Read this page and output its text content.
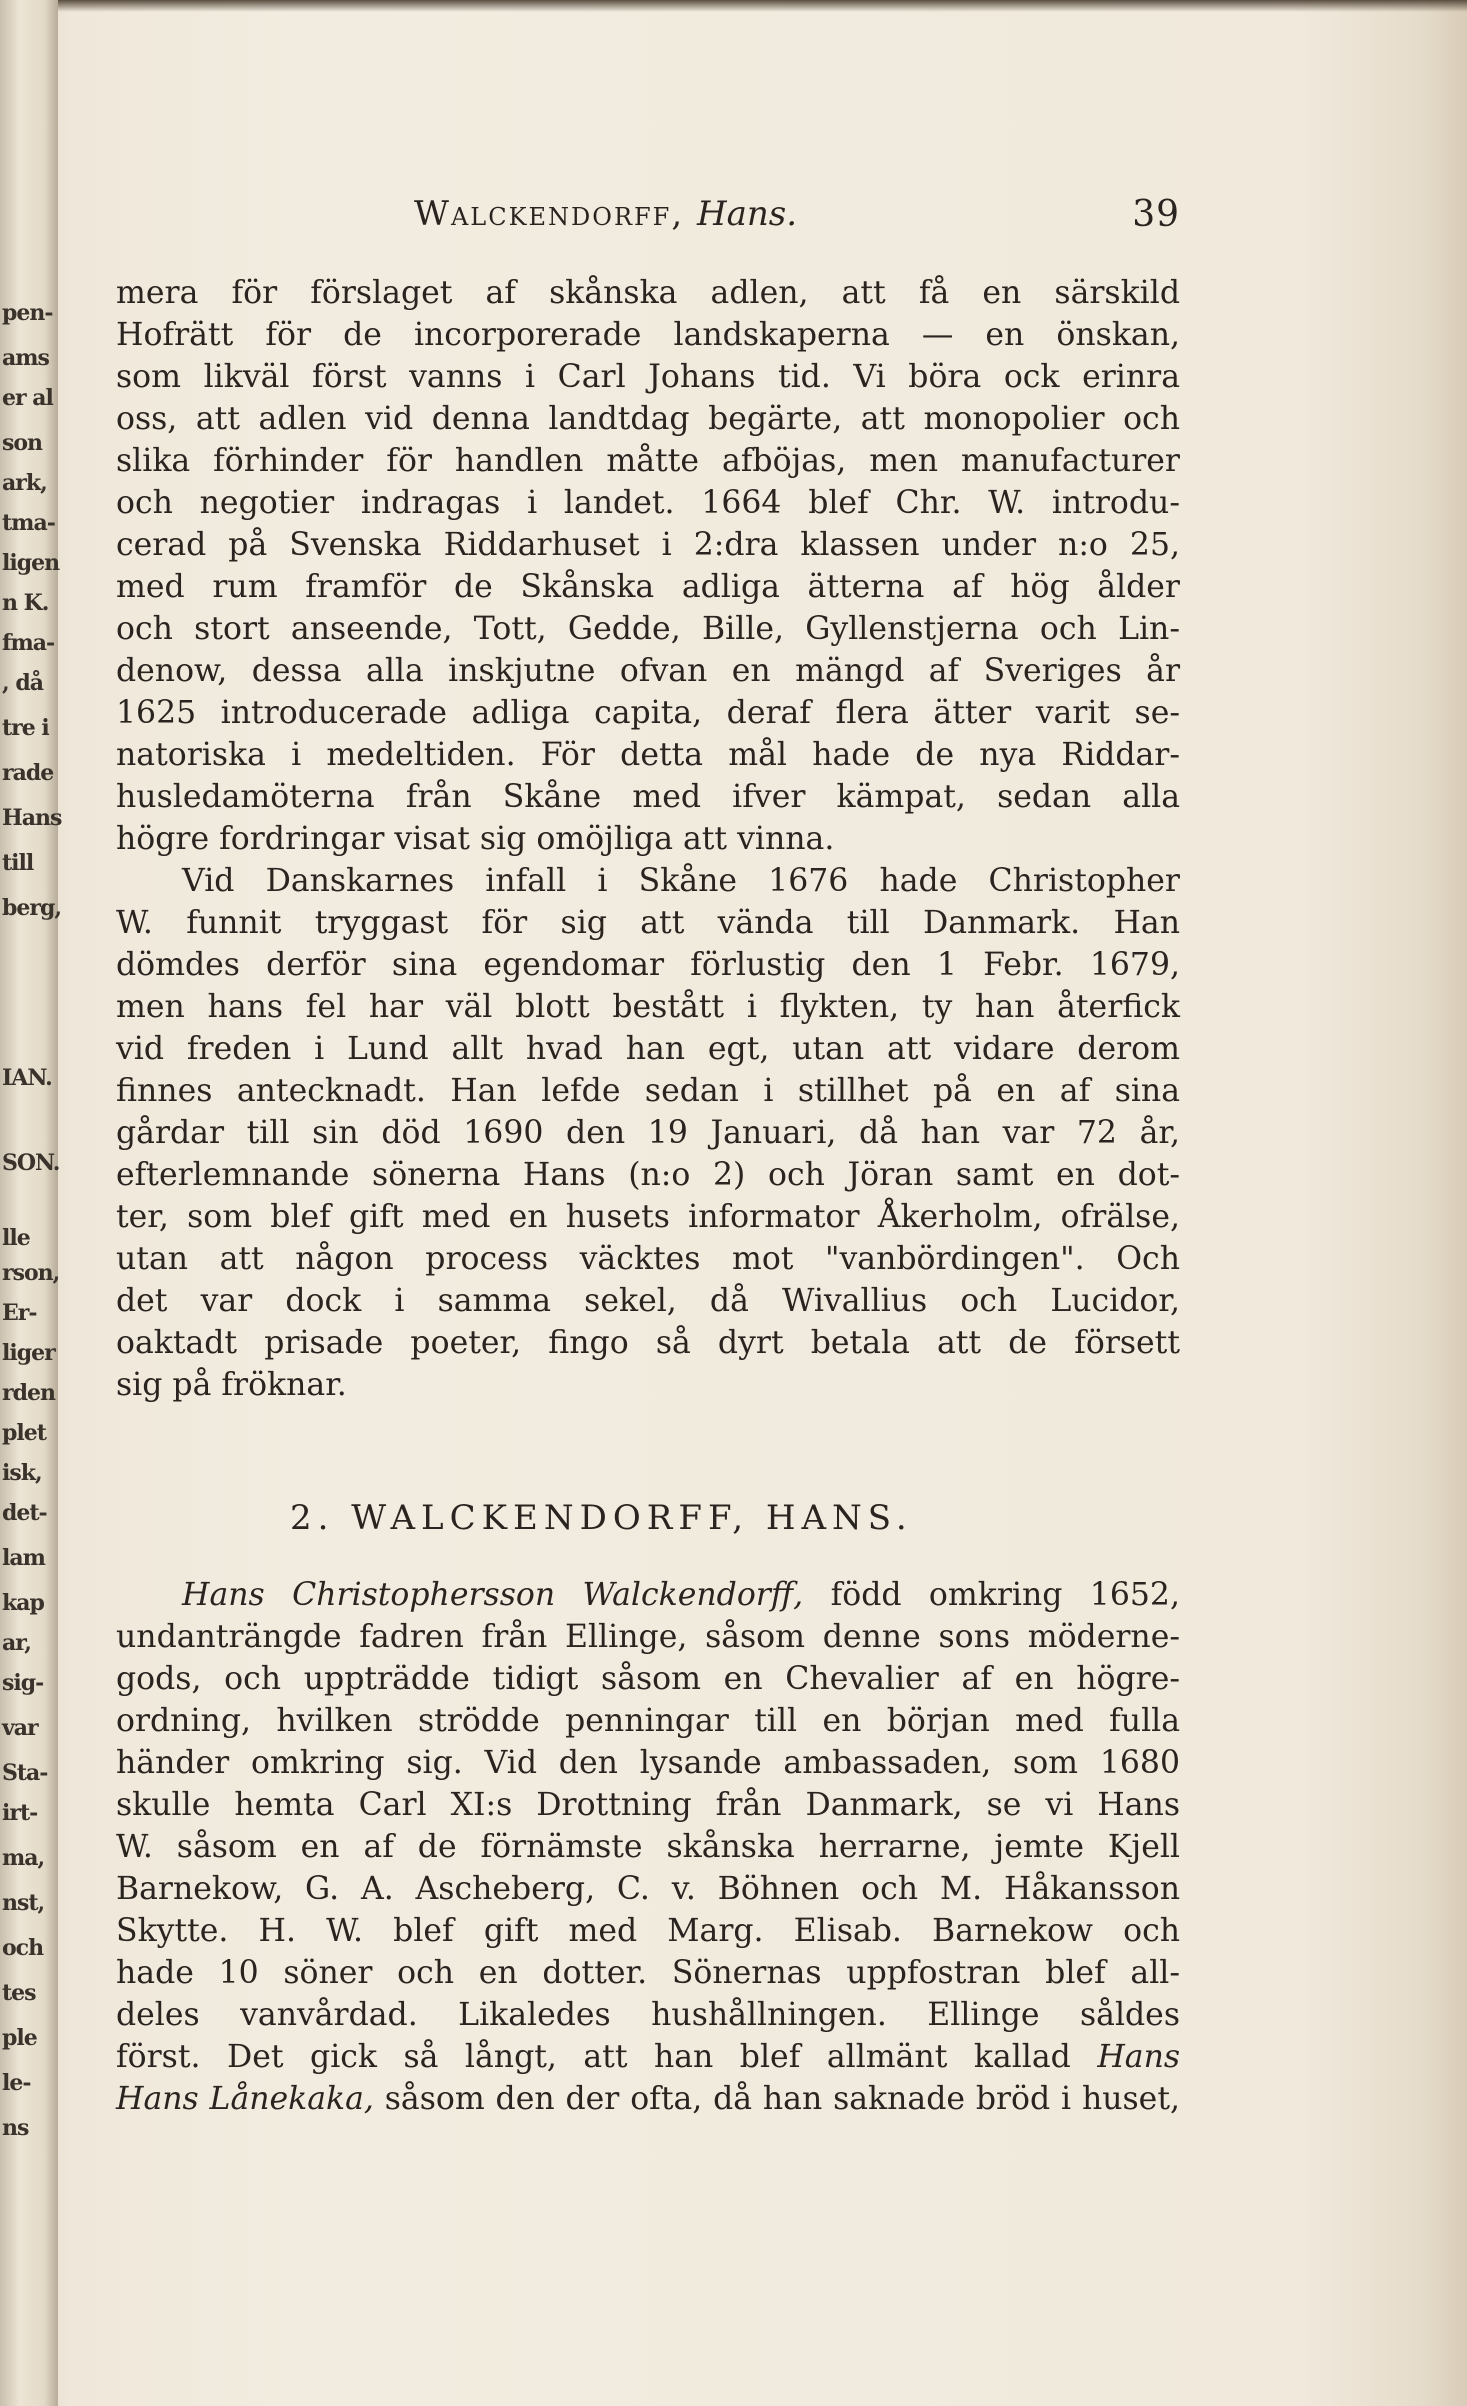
pen-
ams
er al
son
ark,
tma-
ligen
n K.
fma-
, då
tre i
rade
Hans
till
berg,
IAN.
SON.
lle
rson,
Er-
liger
rden
plet
isk,
det-
lam
kap
ar,
sig-
var
Sta-
irt-
ma,
nst,
och
tes
ple
le-
ns
Walckendorff, Hans.	39
mera för förslaget af skånska adlen, att få en särskild
Hofrätt för de incorporerade landskaperna — en önskan,
som likväl först vanns i Carl Johans tid. Vi böra ock erinra
oss, att adlen vid denna landtdag begärte, att monopolier och
slika förhinder för handlen måtte afböjas, men manufacturer
och negotier indragas i landet. 1664 blef Chr. W. introdu-
cerad på Svenska Riddarhuset i 2:dra klassen under n:o 25,
med rum framför de Skånska adliga ätterna af hög ålder
och stort anseende, Tott, Gedde, Bille, Gyllenstjerna och Lin-
denow, dessa alla inskjutne ofvan en mängd af Sveriges år
1625 introducerade adliga capita, deraf flera ätter varit se-
natoriska i medeltiden. För detta mål hade de nya Riddar-
husledamöterna från Skåne med ifver kämpat, sedan alla
högre fordringar visat sig omöjliga att vinna.
Vid Danskarnes infall i Skåne 1676 hade Christopher
W. funnit tryggast för sig att vända till Danmark. Han
dömdes derför sina egendomar förlustig den 1 Febr. 1679,
men hans fel har väl blott bestått i flykten, ty han återfick
vid freden i Lund allt hvad han egt, utan att vidare derom
finnes antecknadt. Han lefde sedan i stillhet på en af sina
gårdar till sin död 1690 den 19 Januari, då han var 72 år,
efterlemnande sönerna Hans (n:o 2) och Jöran samt en dot-
ter, som blef gift med en husets informator Åkerholm, ofrälse,
utan att någon process väcktes mot "vanbördingen". Och
det var dock i samma sekel, då Wivallius och Lucidor,
oaktadt prisade poeter, fingo så dyrt betala att de försett
sig på fröknar.
2. WALCKENDORFF, HANS.
Hans Christophersson Walckendorff, född omkring 1652,
undanträngde fadren från Ellinge, såsom denne sons möderne-
gods, och uppträdde tidigt såsom en Chevalier af en högre-
ordning, hvilken strödde penningar till en början med fulla
händer omkring sig. Vid den lysande ambassaden, som 1680
skulle hemta Carl XI:s Drottning från Danmark, se vi Hans
W. såsom en af de förnämste skånska herrarne, jemte Kjell
Barnekow, G. A. Ascheberg, C. v. Böhnen och M. Håkansson
Skytte. H. W. blef gift med Marg. Elisab. Barnekow och
hade 10 söner och en dotter. Sönernas uppfostran blef all-
deles vanvårdad. Likaledes hushållningen. Ellinge såldes
först. Det gick så långt, att han blef allmänt kallad Hans
Hans Lånekaka, såsom den der ofta, då han saknade bröd i huset,
